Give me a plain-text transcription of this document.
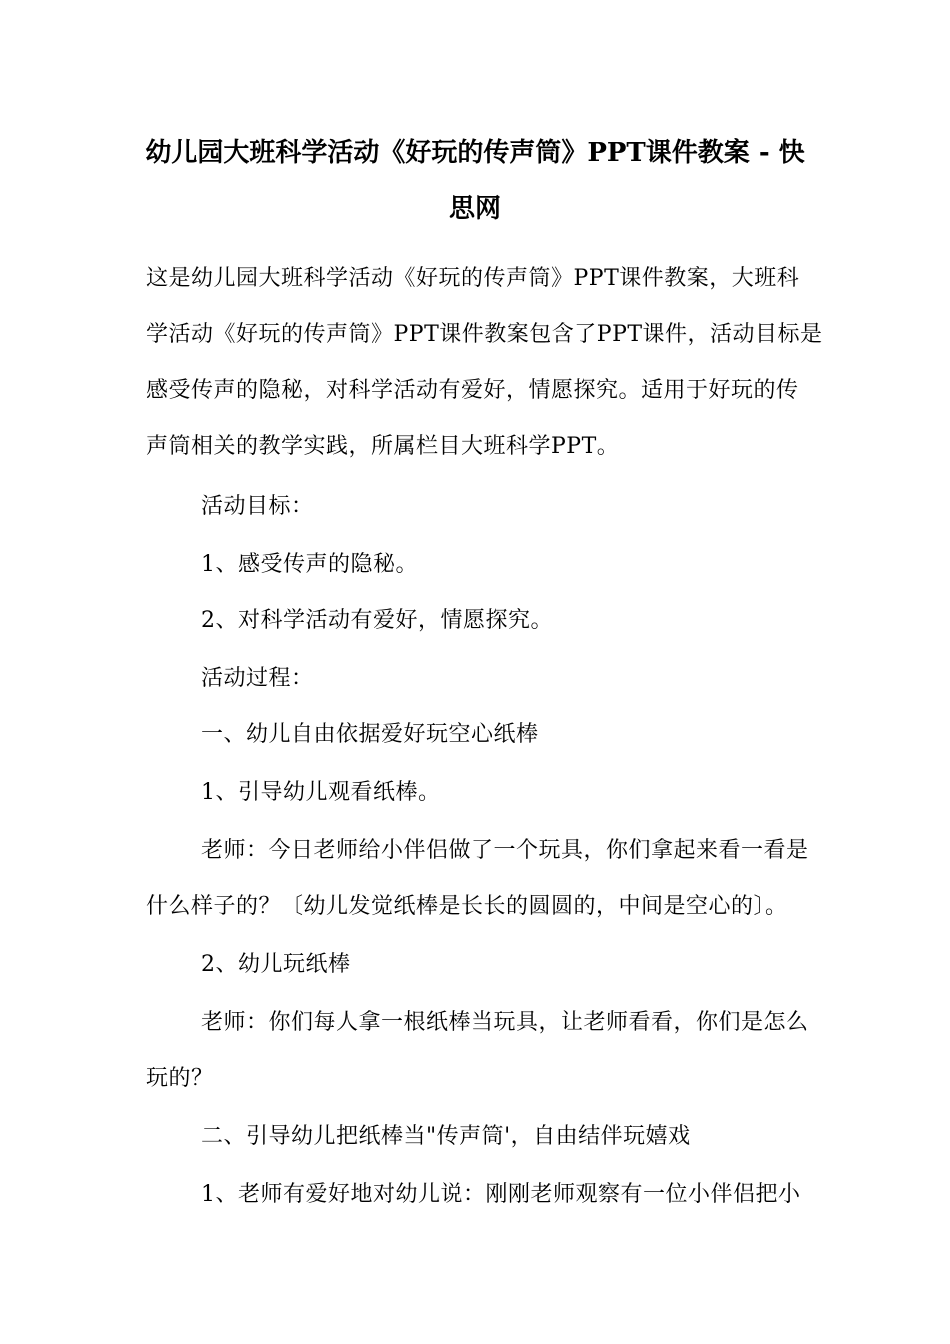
幼儿园大班科学活动《好玩的传声筒》PPT课件教案 - 快
思网
这是幼儿园大班科学活动《好玩的传声筒》PPT课件教案，大班科
学活动《好玩的传声筒》PPT课件教案包含了PPT课件，活动目标是
感受传声的隐秘，对科学活动有爱好，情愿探究。适用于好玩的传
声筒相关的教学实践，所属栏目大班科学PPT。
活动目标：
1、感受传声的隐秘。
2、对科学活动有爱好，情愿探究。
活动过程：
一、幼儿自由依据爱好玩空心纸棒
1、引导幼儿观看纸棒。
老师：今日老师给小伴侣做了一个玩具，你们拿起来看一看是
什么样子的？〔幼儿发觉纸棒是长长的圆圆的，中间是空心的〕。
2、幼儿玩纸棒
老师：你们每人拿一根纸棒当玩具，让老师看看，你们是怎么
玩的？
二、引导幼儿把纸棒当"传声筒'，自由结伴玩嬉戏
1、老师有爱好地对幼儿说：刚刚老师观察有一位小伴侣把小
